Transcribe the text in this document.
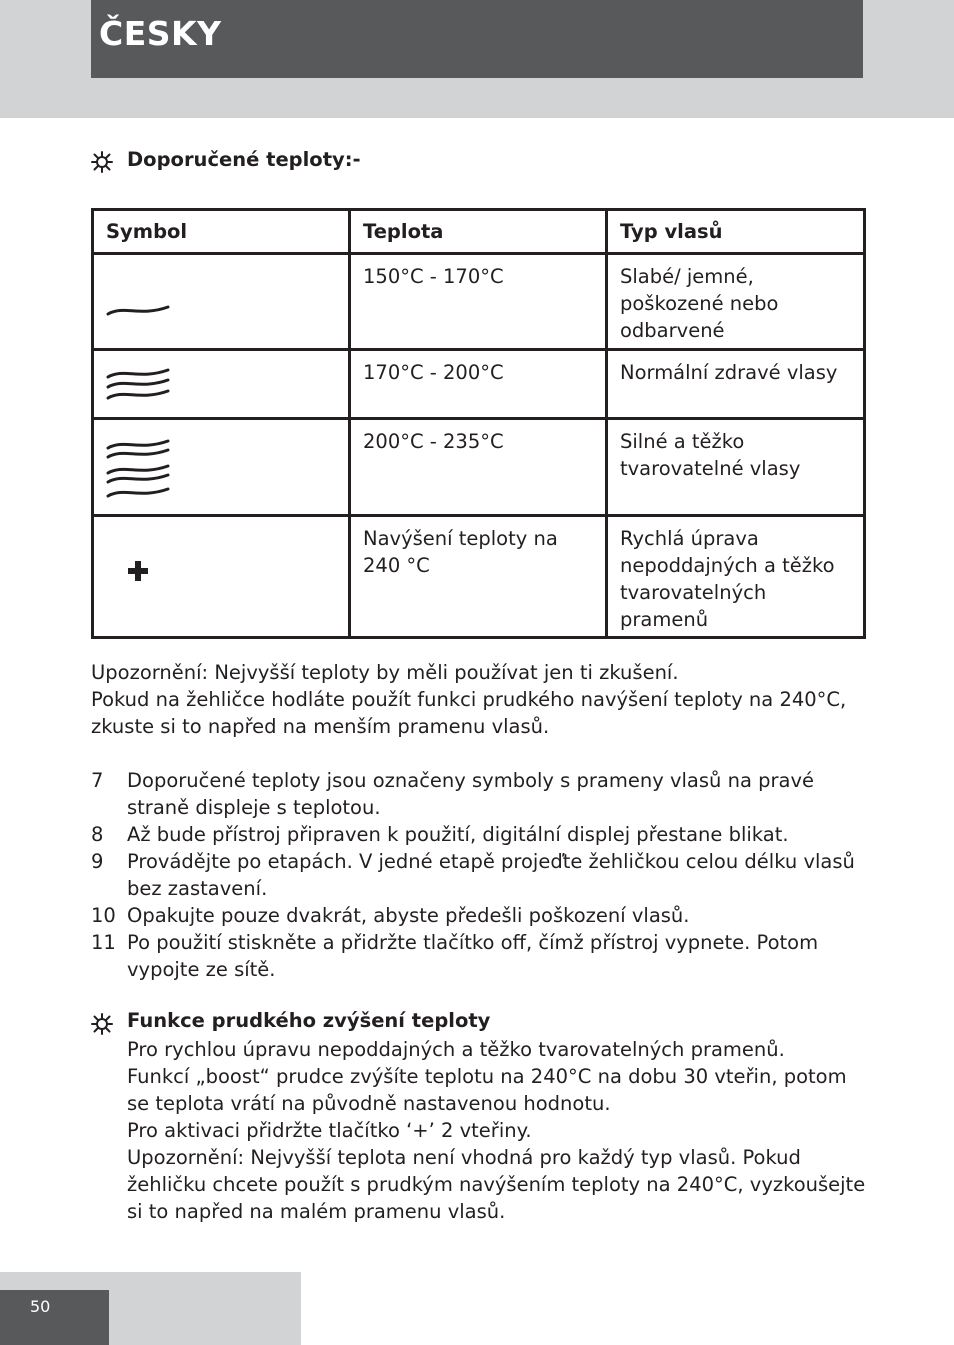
ČESKY
Doporučené teploty:-
Symbol	Teplota	Typ vlasů

	150°C - 170°C	Slabé/ jemné, poškozené nebo odbarvené

	170°C - 200°C	Normální zdravé vlasy

	200°C - 235°C	Silné a těžko tvarovatelné vlasy

	Navýšení teploty na 240 °C	Rychlá úprava nepoddajných a těžko tvarovatelných pramenů
Upozornění: Nejvyšší teploty by měli používat jen ti zkušení.
Pokud na žehličce hodláte použít funkci prudkého navýšení teploty na 240°C,
zkuste si to napřed na menším pramenu vlasů.
7 Doporučené teploty jsou označeny symboly s prameny vlasů na pravé straně displeje s teplotou.
8 Až bude přístroj připraven k použití, digitální displej přestane blikat.
9 Provádějte po etapách. V jedné etapě projeďte žehličkou celou délku vlasů bez zastavení.
10 Opakujte pouze dvakrát, abyste předešli poškození vlasů.
11 Po použití stiskněte a přidržte tlačítko off, čímž přístroj vypnete. Potom vypojte ze sítě.
Funkce prudkého zvýšení teploty
Pro rychlou úpravu nepoddajných a těžko tvarovatelných pramenů.
Funkcí „boost“ prudce zvýšíte teplotu na 240°C na dobu 30 vteřin, potom se teplota vrátí na původně nastavenou hodnotu.
Pro aktivaci přidržte tlačítko ‘+’ 2 vteřiny.
Upozornění: Nejvyšší teplota není vhodná pro každý typ vlasů. Pokud žehličku chcete použít s prudkým navýšením teploty na 240°C, vyzkoušejte si to napřed na malém pramenu vlasů.
50
